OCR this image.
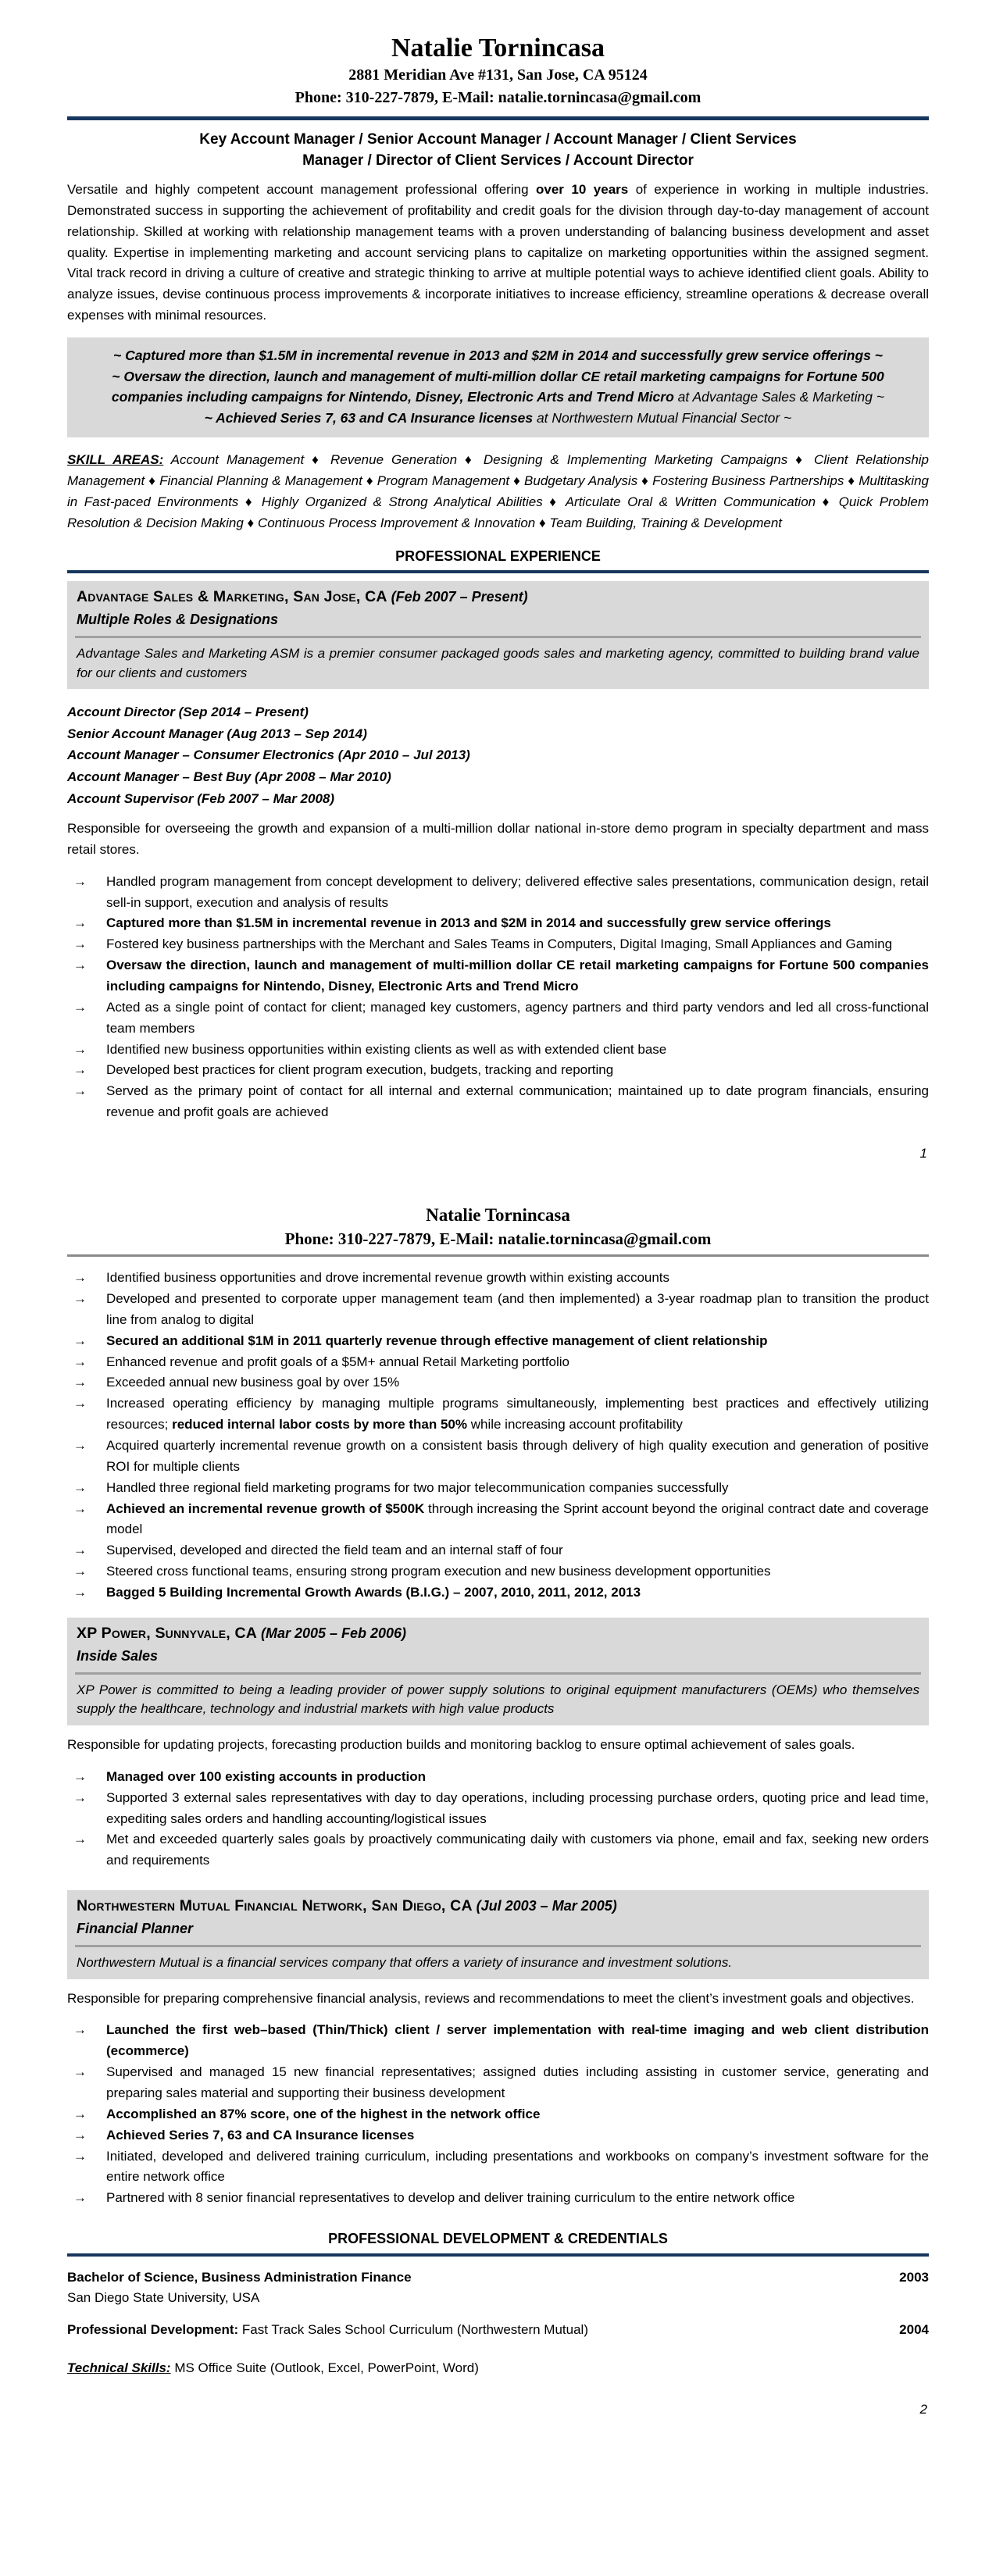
Natalie Tornincasa
2881 Meridian Ave #131, San Jose, CA 95124
Phone: 310-227-7879, E-Mail: natalie.tornincasa@gmail.com
Key Account Manager / Senior Account Manager / Account Manager / Client Services
Manager / Director of Client Services / Account Director

Versatile and highly competent account management professional offering over 10 years of experience in working in multiple industries. Demonstrated success in supporting the achievement of profitability and credit goals for the division through day-to-day management of account relationship. Skilled at working with relationship management teams with a proven understanding of balancing business development and asset quality. Expertise in implementing marketing and account servicing plans to capitalize on marketing opportunities within the assigned segment. Vital track record in driving a culture of creative and strategic thinking to arrive at multiple potential ways to achieve identified client goals. Ability to analyze issues, devise continuous process improvements & incorporate initiatives to increase efficiency, streamline operations & decrease overall expenses with minimal resources.

~ Captured more than $1.5M in incremental revenue in 2013 and $2M in 2014 and successfully grew service offerings ~

~ Oversaw the direction, launch and management of multi-million dollar CE retail marketing campaigns for Fortune 500 companies including campaigns for Nintendo, Disney, Electronic Arts and Trend Micro at Advantage Sales & Marketing ~

~ Achieved Series 7, 63 and CA Insurance licenses at Northwestern Mutual Financial Sector ~

SKILL AREAS: Account Management ♦ Revenue Generation ♦ Designing & Implementing Marketing Campaigns ♦ Client Relationship Management ♦ Financial Planning & Management ♦ Program Management ♦ Budgetary Analysis ♦ Fostering Business Partnerships ♦ Multitasking in Fast-paced Environments ♦ Highly Organized & Strong Analytical Abilities ♦ Articulate Oral & Written Communication ♦ Quick Problem Resolution & Decision Making ♦ Continuous Process Improvement & Innovation ♦ Team Building, Training & Development

PROFESSIONAL EXPERIENCE
Advantage Sales & Marketing, San Jose, CA (Feb 2007 – Present)
Multiple Roles & Designations
Advantage Sales and Marketing ASM is a premier consumer packaged goods sales and marketing agency, committed to building brand value for our clients and customers
Account Director (Sep 2014 – Present)
Senior Account Manager (Aug 2013 – Sep 2014)
Account Manager – Consumer Electronics (Apr 2010 – Jul 2013)
Account Manager – Best Buy (Apr 2008 – Mar 2010)
Account Supervisor (Feb 2007 – Mar 2008)

Responsible for overseeing the growth and expansion of a multi-million dollar national in-store demo program in specialty department and mass retail stores.

→	Handled program management from concept development to delivery; delivered effective sales presentations, communication design, retail sell-in support, execution and analysis of results
→	Captured more than $1.5M in incremental revenue in 2013 and $2M in 2014 and successfully grew service offerings
→	Fostered key business partnerships with the Merchant and Sales Teams in Computers, Digital Imaging, Small Appliances and Gaming
→	Oversaw the direction, launch and management of multi-million dollar CE retail marketing campaigns for Fortune 500 companies including campaigns for Nintendo, Disney, Electronic Arts and Trend Micro
→	Acted as a single point of contact for client; managed key customers, agency partners and third party vendors and led all cross-functional team members
→	Identified new business opportunities within existing clients as well as with extended client base
→	Developed best practices for client program execution, budgets, tracking and reporting
→	Served as the primary point of contact for all internal and external communication; maintained up to date program financials, ensuring revenue and profit goals are achieved
1
Natalie Tornincasa
Phone: 310-227-7879, E-Mail: natalie.tornincasa@gmail.com
→	Identified business opportunities and drove incremental revenue growth within existing accounts
→	Developed and presented to corporate upper management team (and then implemented) a 3-year roadmap plan to transition the product line from analog to digital
→	Secured an additional $1M in 2011 quarterly revenue through effective management of client relationship
→	Enhanced revenue and profit goals of a $5M+ annual Retail Marketing portfolio
→	Exceeded annual new business goal by over 15%
→	Increased operating efficiency by managing multiple programs simultaneously, implementing best practices and effectively utilizing resources; reduced internal labor costs by more than 50% while increasing account profitability
→	Acquired quarterly incremental revenue growth on a consistent basis through delivery of high quality execution and generation of positive ROI for multiple clients
→	Handled three regional field marketing programs for two major telecommunication companies successfully
→	Achieved an incremental revenue growth of $500K through increasing the Sprint account beyond the original contract date and coverage model
→	Supervised, developed and directed the field team and an internal staff of four
→	Steered cross functional teams, ensuring strong program execution and new business development opportunities
→	Bagged 5 Building Incremental Growth Awards (B.I.G.) – 2007, 2010, 2011, 2012, 2013
XP Power, Sunnyvale, CA (Mar 2005 – Feb 2006)
Inside Sales
XP Power is committed to being a leading provider of power supply solutions to original equipment manufacturers (OEMs) who themselves supply the healthcare, technology and industrial markets with high value products

Responsible for updating projects, forecasting production builds and monitoring backlog to ensure optimal achievement of sales goals.

→	Managed over 100 existing accounts in production
→	Supported 3 external sales representatives with day to day operations, including processing purchase orders, quoting price and lead time, expediting sales orders and handling accounting/logistical issues
→	Met and exceeded quarterly sales goals by proactively communicating daily with customers via phone, email and fax, seeking new orders and requirements
Northwestern Mutual Financial Network, San Diego, CA (Jul 2003 – Mar 2005)
Financial Planner
Northwestern Mutual is a financial services company that offers a variety of insurance and investment solutions.

Responsible for preparing comprehensive financial analysis, reviews and recommendations to meet the client’s investment goals and objectives.

→	Launched the first web–based (Thin/Thick) client / server implementation with real-time imaging and web client distribution (ecommerce)
→	Supervised and managed 15 new financial representatives; assigned duties including assisting in customer service, generating and preparing sales material and supporting their business development
→	Accomplished an 87% score, one of the highest in the network office
→	Achieved Series 7, 63 and CA Insurance licenses
→	Initiated, developed and delivered training curriculum, including presentations and workbooks on company’s investment software for the entire network office
→	Partnered with 8 senior financial representatives to develop and deliver training curriculum to the entire network office
PROFESSIONAL DEVELOPMENT & CREDENTIALS
Bachelor of Science, Business Administration Finance	2003

San Diego State University, USA

Professional Development: Fast Track Sales School Curriculum (Northwestern Mutual)	2004

Technical Skills: MS Office Suite (Outlook, Excel, PowerPoint, Word)

2
